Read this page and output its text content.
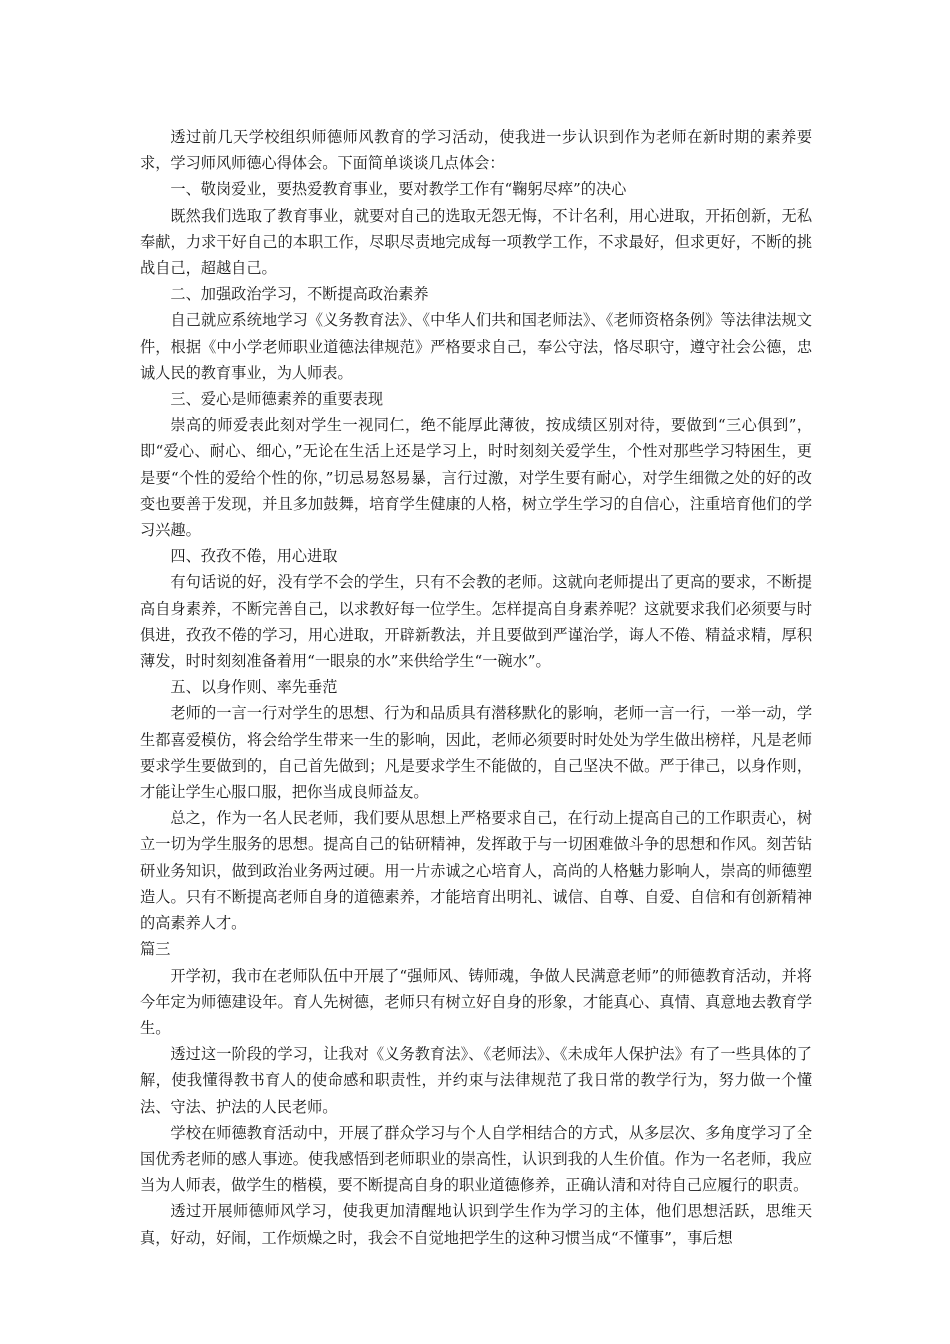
透过前几天学校组织师德师风教育的学习活动，使我进一步认识到作为老师在新时期的素养要求，学习师风师德心得体会。下面简单谈谈几点体会：

一、敬岗爱业，要热爱教育事业，要对教学工作有“鞠躬尽瘁”的决心

既然我们选取了教育事业，就要对自己的选取无怨无悔，不计名利，用心进取，开拓创新，无私奉献，力求干好自己的本职工作，尽职尽责地完成每一项教学工作，不求最好，但求更好，不断的挑战自己，超越自己。

二、加强政治学习，不断提高政治素养

自己就应系统地学习《义务教育法》、《中华人们共和国老师法》、《老师资格条例》等法律法规文件，根据《中小学老师职业道德法律规范》严格要求自己，奉公守法，恪尽职守，遵守社会公德，忠诚人民的教育事业，为人师表。

三、爱心是师德素养的重要表现

崇高的师爱表此刻对学生一视同仁，绝不能厚此薄彼，按成绩区别对待，要做到“三心俱到”，即“爱心、耐心、细心，”无论在生活上还是学习上，时时刻刻关爱学生，个性对那些学习特困生，更是要“个性的爱给个性的你，”切忌易怒易暴，言行过激，对学生要有耐心，对学生细微之处的好的改变也要善于发现，并且多加鼓舞，培育学生健康的人格，树立学生学习的自信心，注重培育他们的学习兴趣。

四、孜孜不倦，用心进取

有句话说的好，没有学不会的学生，只有不会教的老师。这就向老师提出了更高的要求，不断提高自身素养，不断完善自己，以求教好每一位学生。怎样提高自身素养呢？这就要求我们必须要与时俱进，孜孜不倦的学习，用心进取，开辟新教法，并且要做到严谨治学，诲人不倦、精益求精，厚积薄发，时时刻刻准备着用“一眼泉的水”来供给学生“一碗水”。

五、以身作则、率先垂范

老师的一言一行对学生的思想、行为和品质具有潜移默化的影响，老师一言一行，一举一动，学生都喜爱模仿，将会给学生带来一生的影响，因此，老师必须要时时处处为学生做出榜样，凡是老师要求学生要做到的，自己首先做到；凡是要求学生不能做的，自己坚决不做。严于律己，以身作则，才能让学生心服口服，把你当成良师益友。

总之，作为一名人民老师，我们要从思想上严格要求自己，在行动上提高自己的工作职责心，树立一切为学生服务的思想。提高自己的钻研精神，发挥敢于与一切困难做斗争的思想和作风。刻苦钻研业务知识，做到政治业务两过硬。用一片赤诚之心培育人，高尚的人格魅力影响人，崇高的师德塑造人。只有不断提高老师自身的道德素养，才能培育出明礼、诚信、自尊、自爱、自信和有创新精神的高素养人才。

篇三

开学初，我市在老师队伍中开展了“强师风、铸师魂，争做人民满意老师”的师德教育活动，并将今年定为师德建设年。育人先树德，老师只有树立好自身的形象，才能真心、真情、真意地去教育学生。

透过这一阶段的学习，让我对《义务教育法》、《老师法》、《未成年人保护法》有了一些具体的了解，使我懂得教书育人的使命感和职责性，并约束与法律规范了我日常的教学行为，努力做一个懂法、守法、护法的人民老师。

学校在师德教育活动中，开展了群众学习与个人自学相结合的方式，从多层次、多角度学习了全国优秀老师的感人事迹。使我感悟到老师职业的崇高性，认识到我的人生价值。作为一名老师，我应当为人师表，做学生的楷模，要不断提高自身的职业道德修养，正确认清和对待自己应履行的职责。

透过开展师德师风学习，使我更加清醒地认识到学生作为学习的主体，他们思想活跃，思维天真，好动，好闹，工作烦燥之时，我会不自觉地把学生的这种习惯当成“不懂事”，事后想
